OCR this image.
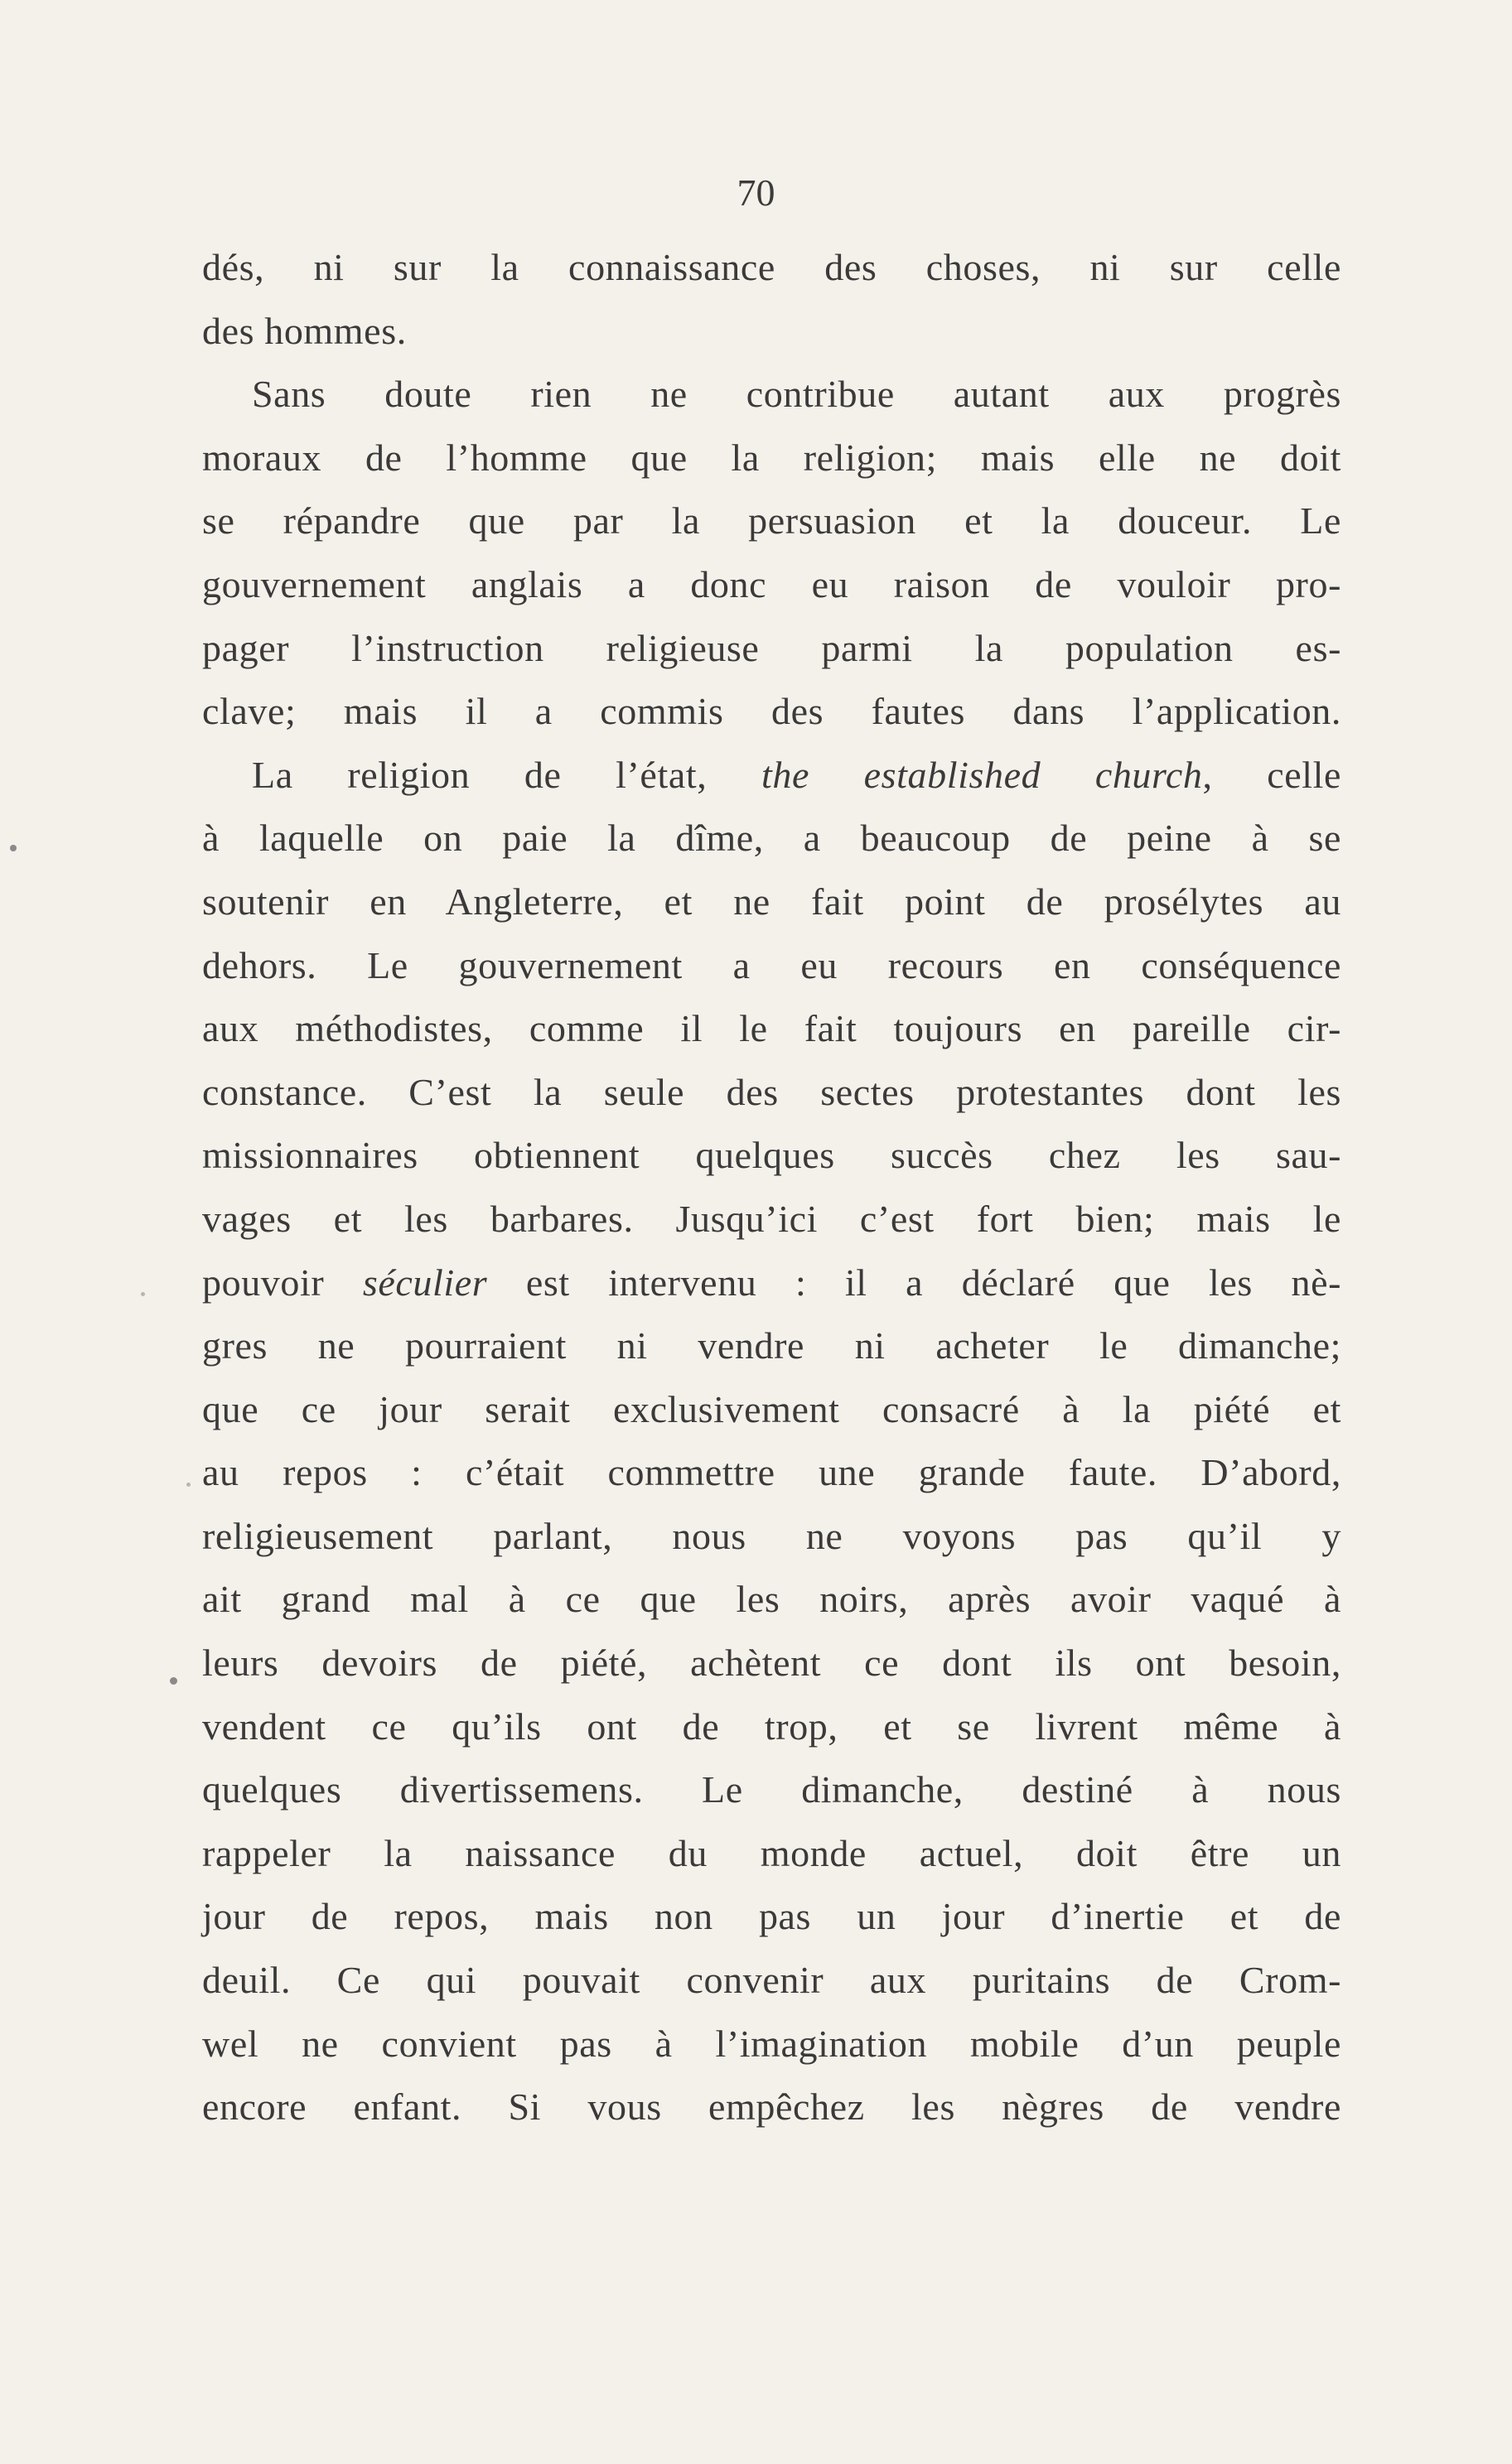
70
dés, ni sur la connaissance des choses, ni sur celle
des hommes.
Sans doute rien ne contribue autant aux progrès
moraux de l’homme que la religion; mais elle ne doit
se répandre que par la persuasion et la douceur. Le
gouvernement anglais a donc eu raison de vouloir pro-
pager l’instruction religieuse parmi la population es-
clave; mais il a commis des fautes dans l’application.
La religion de l’état, the established church, celle
à laquelle on paie la dîme, a beaucoup de peine à se
soutenir en Angleterre, et ne fait point de prosélytes au
dehors. Le gouvernement a eu recours en conséquence
aux méthodistes, comme il le fait toujours en pareille cir-
constance. C’est la seule des sectes protestantes dont les
missionnaires obtiennent quelques succès chez les sau-
vages et les barbares. Jusqu’ici c’est fort bien; mais le
pouvoir séculier est intervenu : il a déclaré que les nè-
gres ne pourraient ni vendre ni acheter le dimanche;
que ce jour serait exclusivement consacré à la piété et
au repos : c’était commettre une grande faute. D’abord,
religieusement parlant, nous ne voyons pas qu’il y
ait grand mal à ce que les noirs, après avoir vaqué à
leurs devoirs de piété, achètent ce dont ils ont besoin,
vendent ce qu’ils ont de trop, et se livrent même à
quelques divertissemens. Le dimanche, destiné à nous
rappeler la naissance du monde actuel, doit être un
jour de repos, mais non pas un jour d’inertie et de
deuil. Ce qui pouvait convenir aux puritains de Crom-
wel ne convient pas à l’imagination mobile d’un peuple
encore enfant. Si vous empêchez les nègres de vendre
